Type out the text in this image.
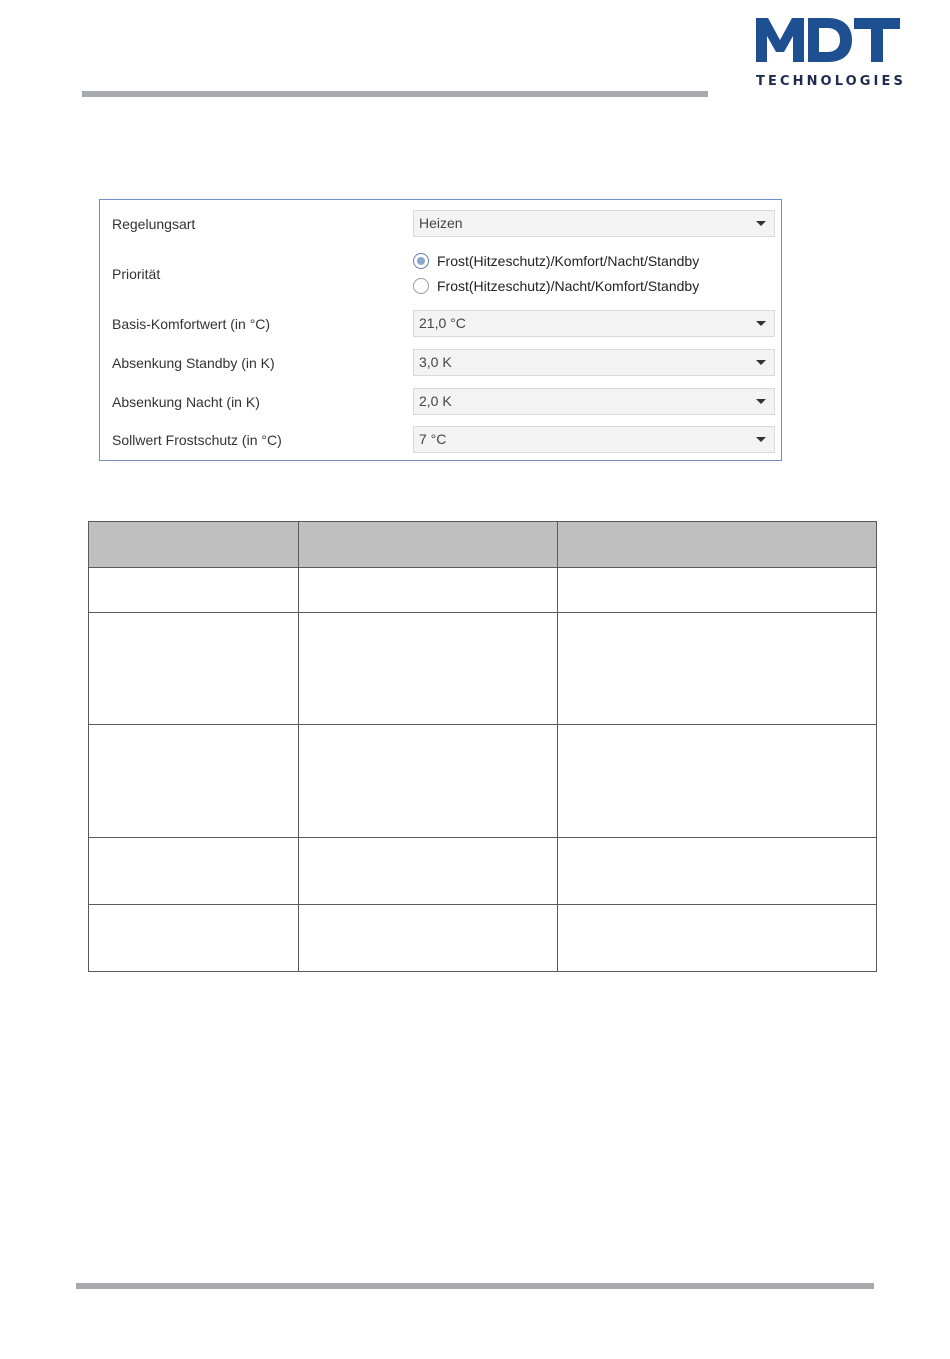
TECHNOLOGIES
Regelungsart	Heizen
Priorität
Frost(Hitzeschutz)/Komfort/Nacht/Standby
Frost(Hitzeschutz)/Nacht/Komfort/Standby
Basis-Komfortwert (in °C)	21,0 °C
Absenkung Standby (in K)	3,0 K
Absenkung Nacht (in K)	2,0 K
Sollwert Frostschutz (in °C)	7 °C
